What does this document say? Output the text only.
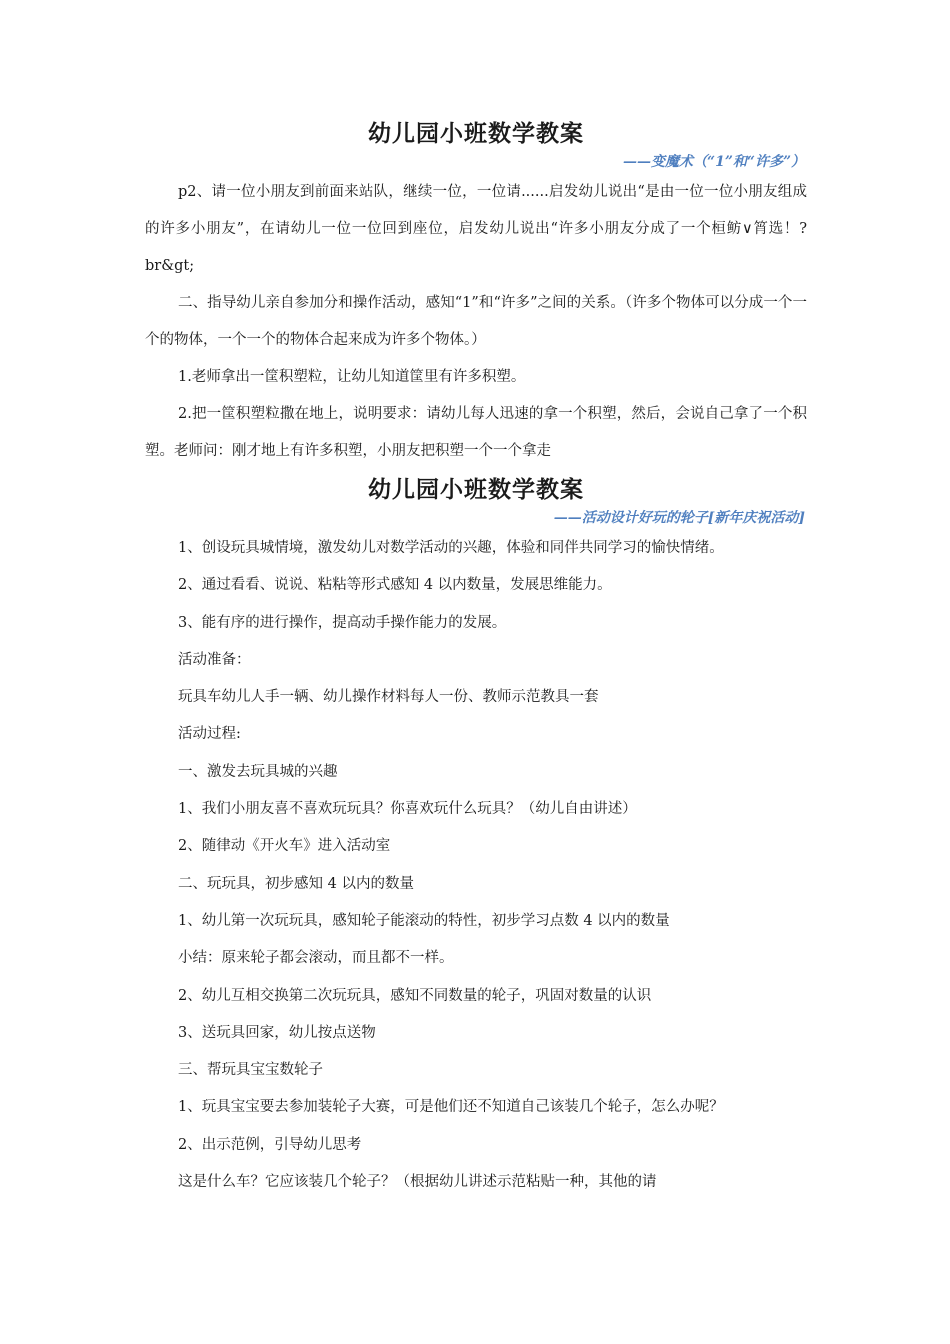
幼儿园小班数学教案

——变魔术（“1”和“许多”）

p2、请一位小朋友到前面来站队，继续一位，一位请......启发幼儿说出“是由一位一位小朋友组成的许多小朋友”，在请幼儿一位一位回到座位，启发幼儿说出“许多小朋友分成了一个桓鲂∨筲选！?br&gt;

二、指导幼儿亲自参加分和操作活动，感知“1”和“许多”之间的关系。（许多个物体可以分成一个一个的物体，一个一个的物体合起来成为许多个物体。）

1.老师拿出一筐积塑粒，让幼儿知道筐里有许多积塑。

2.把一筐积塑粒撒在地上，说明要求：请幼儿每人迅速的拿一个积塑，然后，会说自己拿了一个积塑。老师问：刚才地上有许多积塑，小朋友把积塑一个一个拿走

幼儿园小班数学教案

——活动设计好玩的轮子[新年庆祝活动]

1、创设玩具城情境，激发幼儿对数学活动的兴趣，体验和同伴共同学习的愉快情绪。

2、通过看看、说说、粘粘等形式感知 4 以内数量，发展思维能力。

3、能有序的进行操作，提高动手操作能力的发展。

活动准备：

玩具车幼儿人手一辆、幼儿操作材料每人一份、教师示范教具一套

活动过程:

一、激发去玩具城的兴趣

1、我们小朋友喜不喜欢玩玩具？你喜欢玩什么玩具？（幼儿自由讲述）

2、随律动《开火车》进入活动室

二、玩玩具，初步感知 4 以内的数量

1、幼儿第一次玩玩具，感知轮子能滚动的特性，初步学习点数 4 以内的数量

小结：原来轮子都会滚动，而且都不一样。

2、幼儿互相交换第二次玩玩具，感知不同数量的轮子，巩固对数量的认识

3、送玩具回家，幼儿按点送物

三、帮玩具宝宝数轮子

1、玩具宝宝要去参加装轮子大赛，可是他们还不知道自己该装几个轮子，怎么办呢？

2、出示范例，引导幼儿思考

这是什么车？它应该装几个轮子？（根据幼儿讲述示范粘贴一种，其他的请
